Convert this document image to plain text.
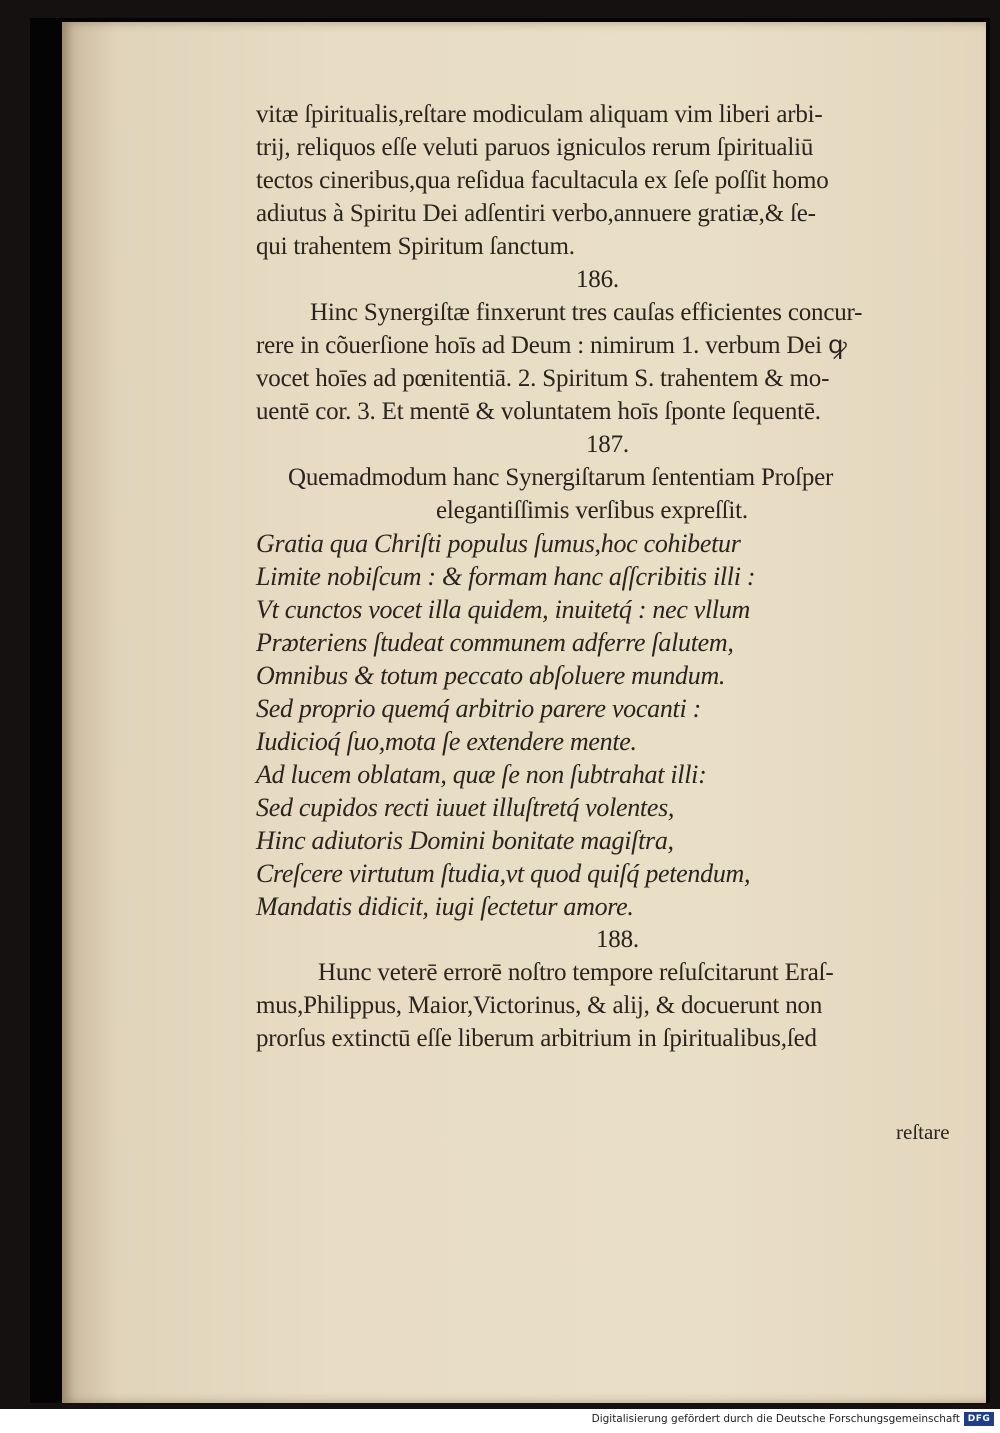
vitæ ſpiritualis,reſtare modiculam aliquam vim liberi arbi-
trij, reliquos eſſe veluti paruos igniculos rerum ſpiritualiū
tectos cineribus,qua reſidua facultacula ex ſeſe poſſit homo
adiutus à Spiritu Dei adſentiri verbo,annuere gratiæ,& ſe-
qui trahentem Spiritum ſanctum.
186.
Hinc Synergiſtæ finxerunt tres cauſas efficientes concur-
rere in cõuerſione hoīs ad Deum : nimirum 1. verbum Dei ꝙ
vocet hoīes ad pœnitentiā. 2. Spiritum S. trahentem & mo-
uentē cor. 3. Et mentē & voluntatem hoīs ſponte ſequentē.
187.
Quemadmodum hanc Synergiſtarum ſententiam Proſper
elegantiſſimis verſibus expreſſit.
Gratia qua Chriſti populus ſumus,hoc cohibetur
Limite nobiſcum : & formam hanc aſſcribitis illi :
Vt cunctos vocet illa quidem, inuitetq́ : nec vllum
Prᴂteriens ſtudeat communem adferre ſalutem,
Omnibus & totum peccato abſoluere mundum.
Sed proprio quemq́ arbitrio parere vocanti :
Iudicioq́ ſuo,mota ſe extendere mente.
Ad lucem oblatam, quæ ſe non ſubtrahat illi:
Sed cupidos recti iuuet illuſtretq́ volentes,
Hinc adiutoris Domini bonitate magiſtra,
Creſcere virtutum ſtudia,vt quod quiſq́ petendum,
Mandatis didicit, iugi ſectetur amore.
188.
Hunc veterē errorē noſtro tempore reſuſcitarunt Eraſ-
mus,Philippus, Maior,Victorinus, & alij, & docuerunt non
prorſus extinctū eſſe liberum arbitrium in ſpiritualibus,ſed
reſtare
Digitalisierung gefördert durch die Deutsche Forschungsgemeinschaft DFG
